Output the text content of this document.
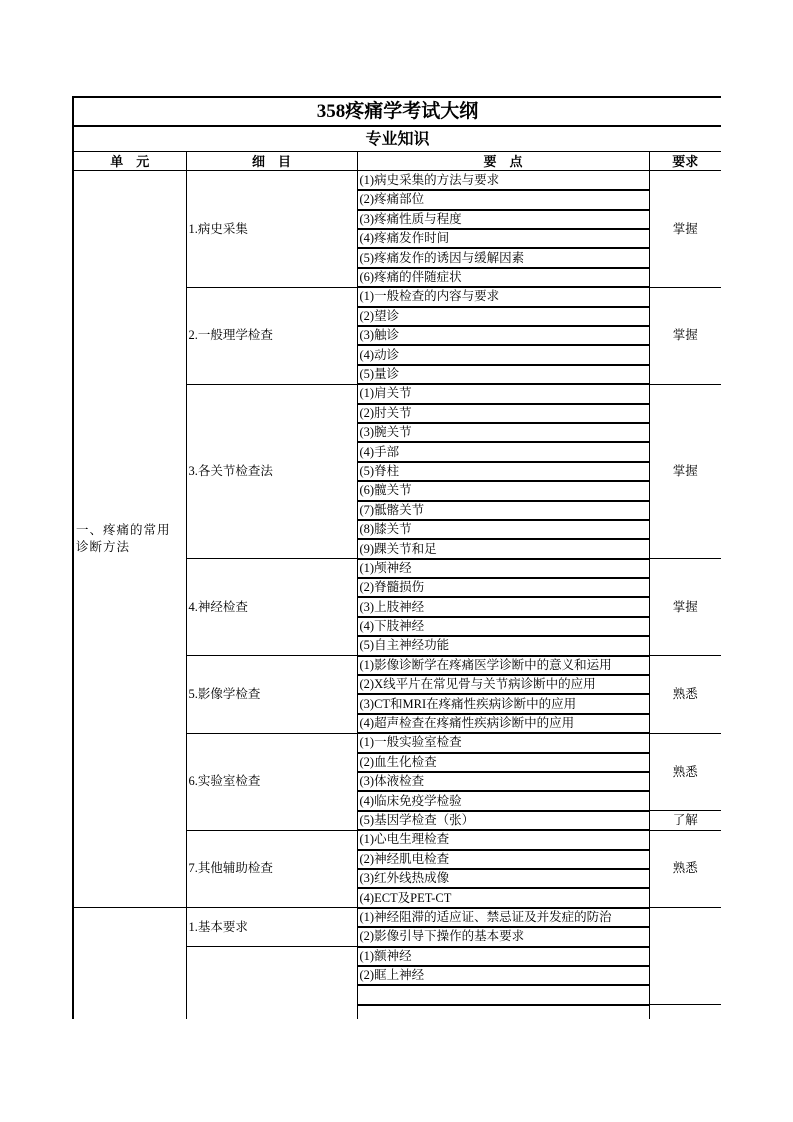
358疼痛学考试大纲			
专业知识			
单　元	细　目	要　点	要求
一、疼痛的常用诊断方法	1.病史采集	(1)病史采集的方法与要求	掌握
		(2)疼痛部位	
		(3)疼痛性质与程度	
		(4)疼痛发作时间	
		(5)疼痛发作的诱因与缓解因素	
		(6)疼痛的伴随症状	
	2.一般理学检查	(1)一般检查的内容与要求	掌握
		(2)望诊	
		(3)触诊	
		(4)动诊	
		(5)量诊	
	3.各关节检查法	(1)肩关节	掌握
		(2)肘关节	
		(3)腕关节	
		(4)手部	
		(5)脊柱	
		(6)髋关节	
		(7)骶髂关节	
		(8)膝关节	
		(9)踝关节和足	
	4.神经检查	(1)颅神经	掌握
		(2)脊髓损伤	
		(3)上肢神经	
		(4)下肢神经	
		(5)自主神经功能	
	5.影像学检查	(1)影像诊断学在疼痛医学诊断中的意义和运用	熟悉
		(2)X线平片在常见骨与关节病诊断中的应用	
		(3)CT和MRI在疼痛性疾病诊断中的应用	
		(4)超声检查在疼痛性疾病诊断中的应用	
	6.实验室检查	(1)一般实验室检查	熟悉
		(2)血生化检查	
		(3)体液检查	
		(4)临床免疫学检验	
		(5)基因学检查（张）	了解
	7.其他辅助检查	(1)心电生理检查	熟悉
		(2)神经肌电检查	
		(3)红外线热成像	
		(4)ECT及PET-CT	
	1.基本要求	(1)神经阻滞的适应证、禁忌证及并发症的防治	
		(2)影像引导下操作的基本要求	
		(1)额神经	
		(2)眶上神经	
